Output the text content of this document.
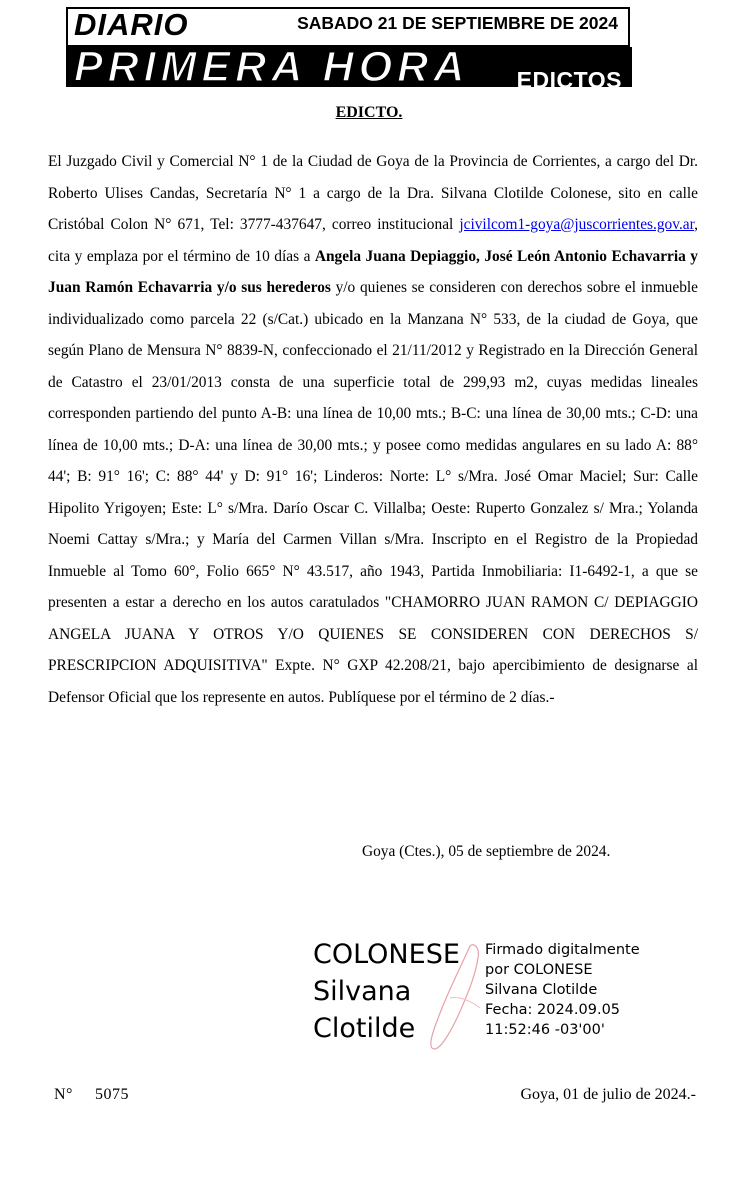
DIARIO	SABADO 21 DE SEPTIEMBRE DE 2024
PRIMERA HORA EDICTOS
EDICTO.
El Juzgado Civil y Comercial N° 1 de la Ciudad de Goya de la Provincia de Corrientes, a cargo del Dr. Roberto Ulises Candas, Secretaría N° 1 a cargo de la Dra. Silvana Clotilde Colonese, sito en calle Cristóbal Colon N° 671, Tel: 3777-437647, correo institucional jcivilcom1-goya@juscorrientes.gov.ar, cita y emplaza por el término de 10 días a Angela Juana Depiaggio, José León Antonio Echavarria y Juan Ramón Echavarria y/o sus herederos y/o quienes se consideren con derechos sobre el inmueble individualizado como parcela 22 (s/Cat.) ubicado en la Manzana N° 533, de la ciudad de Goya, que según Plano de Mensura N° 8839-N, confeccionado el 21/11/2012 y Registrado en la Dirección General de Catastro el 23/01/2013 consta de una superficie total de 299,93 m2, cuyas medidas lineales corresponden partiendo del punto A-B: una línea de 10,00 mts.; B-C: una línea de 30,00 mts.; C-D: una línea de 10,00 mts.; D-A: una línea de 30,00 mts.; y posee como medidas angulares en su lado A: 88° 44'; B: 91° 16'; C: 88° 44' y D: 91° 16'; Linderos: Norte: L° s/Mra. José Omar Maciel; Sur: Calle Hipolito Yrigoyen; Este: L° s/Mra. Darío Oscar C. Villalba; Oeste: Ruperto Gonzalez s/ Mra.; Yolanda Noemi Cattay s/Mra.; y María del Carmen Villan s/Mra. Inscripto en el Registro de la Propiedad Inmueble al Tomo 60°, Folio 665° N° 43.517, año 1943, Partida Inmobiliaria: I1-6492-1, a que se presenten a estar a derecho en los autos caratulados "CHAMORRO JUAN RAMON C/ DEPIAGGIO ANGELA JUANA Y OTROS Y/O QUIENES SE CONSIDEREN CON DERECHOS S/ PRESCRIPCION ADQUISITIVA" Expte. N° GXP 42.208/21, bajo apercibimiento de designarse al Defensor Oficial que los represente en autos. Publíquese por el término de 2 días.-
Goya (Ctes.), 05 de septiembre de 2024.
COLONESE
Silvana
Clotilde
Firmado digitalmente
por COLONESE
Silvana Clotilde
Fecha: 2024.09.05
11:52:46 -03'00'
N° 5075	Goya, 01 de julio de 2024.-
